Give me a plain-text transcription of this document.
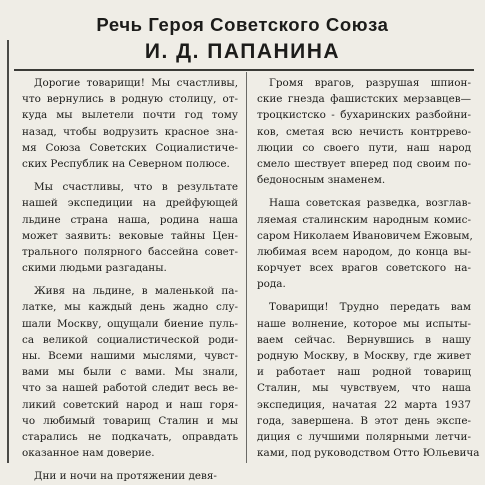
Речь Героя Советского Союза
И. Д. ПАПАНИНА
Дорогие товарищи! Мы счастливы,
что вернулись в родную столицу, от-
куда мы вылетели почти год тому
назад, чтобы водрузить красное зна-
мя Союза Советских Социалистиче-
ских Республик на Северном полюсе.
Мы счастливы, что в результате
нашей экспедиции на дрейфующей
льдине страна наша, родина наша
может заявить: вековые тайны Цен-
трального полярного бассейна совет-
скими людьми разгаданы.
Живя на льдине, в маленькой па-
латке, мы каждый день жадно слу-
шали Москву, ощущали биение пуль-
са великой социалистической роди-
ны. Всеми нашими мыслями, чувст-
вами мы были с вами. Мы знали,
что за нашей работой следит весь ве-
ликий советский народ и наш горя-
чо любимый товарищ Сталин и мы
старались не подкачать, оправдать
оказанное нам доверие.
Дни и ночи на протяжении девя-
Громя врагов, разрушая шпион-
ские гнезда фашистских мерзавцев—
троцкистско - бухаринских разбойни-
ков, сметая всю нечисть контррево-
люции со своего пути, наш народ
смело шествует вперед под своим по-
бедоносным знаменем.
Наша советская разведка, возглав-
ляемая сталинским народным комис-
саром Николаем Ивановичем Ежовым,
любимая всем народом, до конца вы-
корчует всех врагов советского на-
рода.
Товарищи! Трудно передать вам
наше волнение, которое мы испыты-
ваем сейчас. Вернувшись в нашу
родную Москву, в Москву, где живет
и работает наш родной товарищ
Сталин, мы чувствуем, что наша
экспедиция, начатая 22 марта 1937
года, завершена. В этот день экспе-
диция с лучшими полярными летчи-
ками, под руководством Отто Юльевича
